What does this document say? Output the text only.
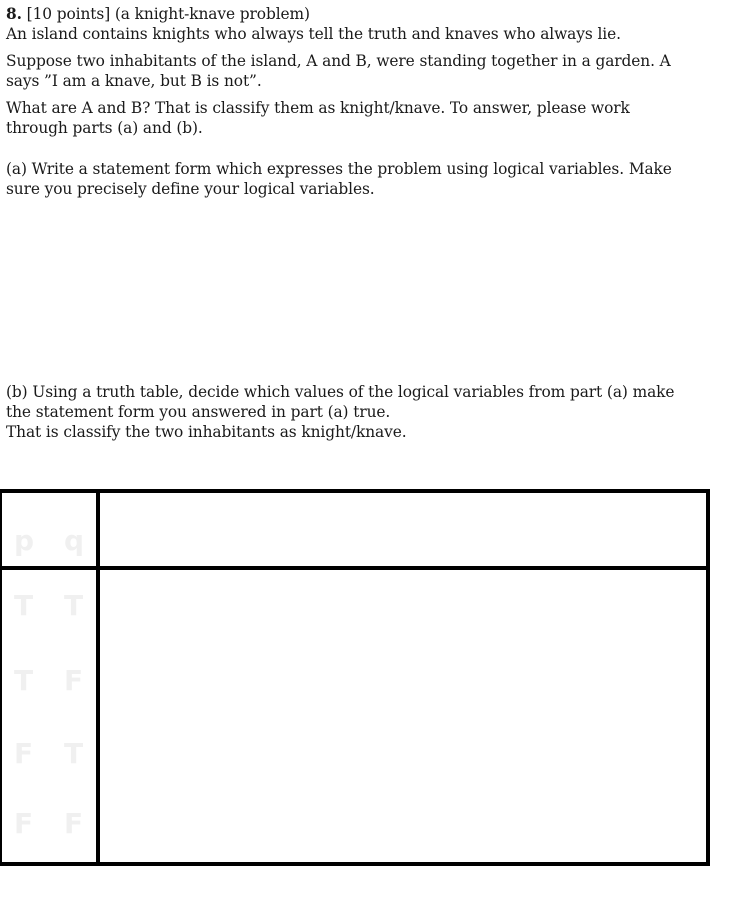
8. [10 points] (a knight-knave problem)
An island contains knights who always tell the truth and knaves who always lie.
Suppose two inhabitants of the island, A and B, were standing together in a garden. A says ”I am a knave, but B is not”.
What are A and B? That is classify them as knight/knave. To answer, please work through parts (a) and (b).
(a) Write a statement form which expresses the problem using logical variables. Make sure you precisely define your logical variables.
(b) Using a truth table, decide which values of the logical variables from part (a) make the statement form you answered in part (a) true.
That is classify the two inhabitants as knight/knave.
p q
T T
T F
F T
F F
